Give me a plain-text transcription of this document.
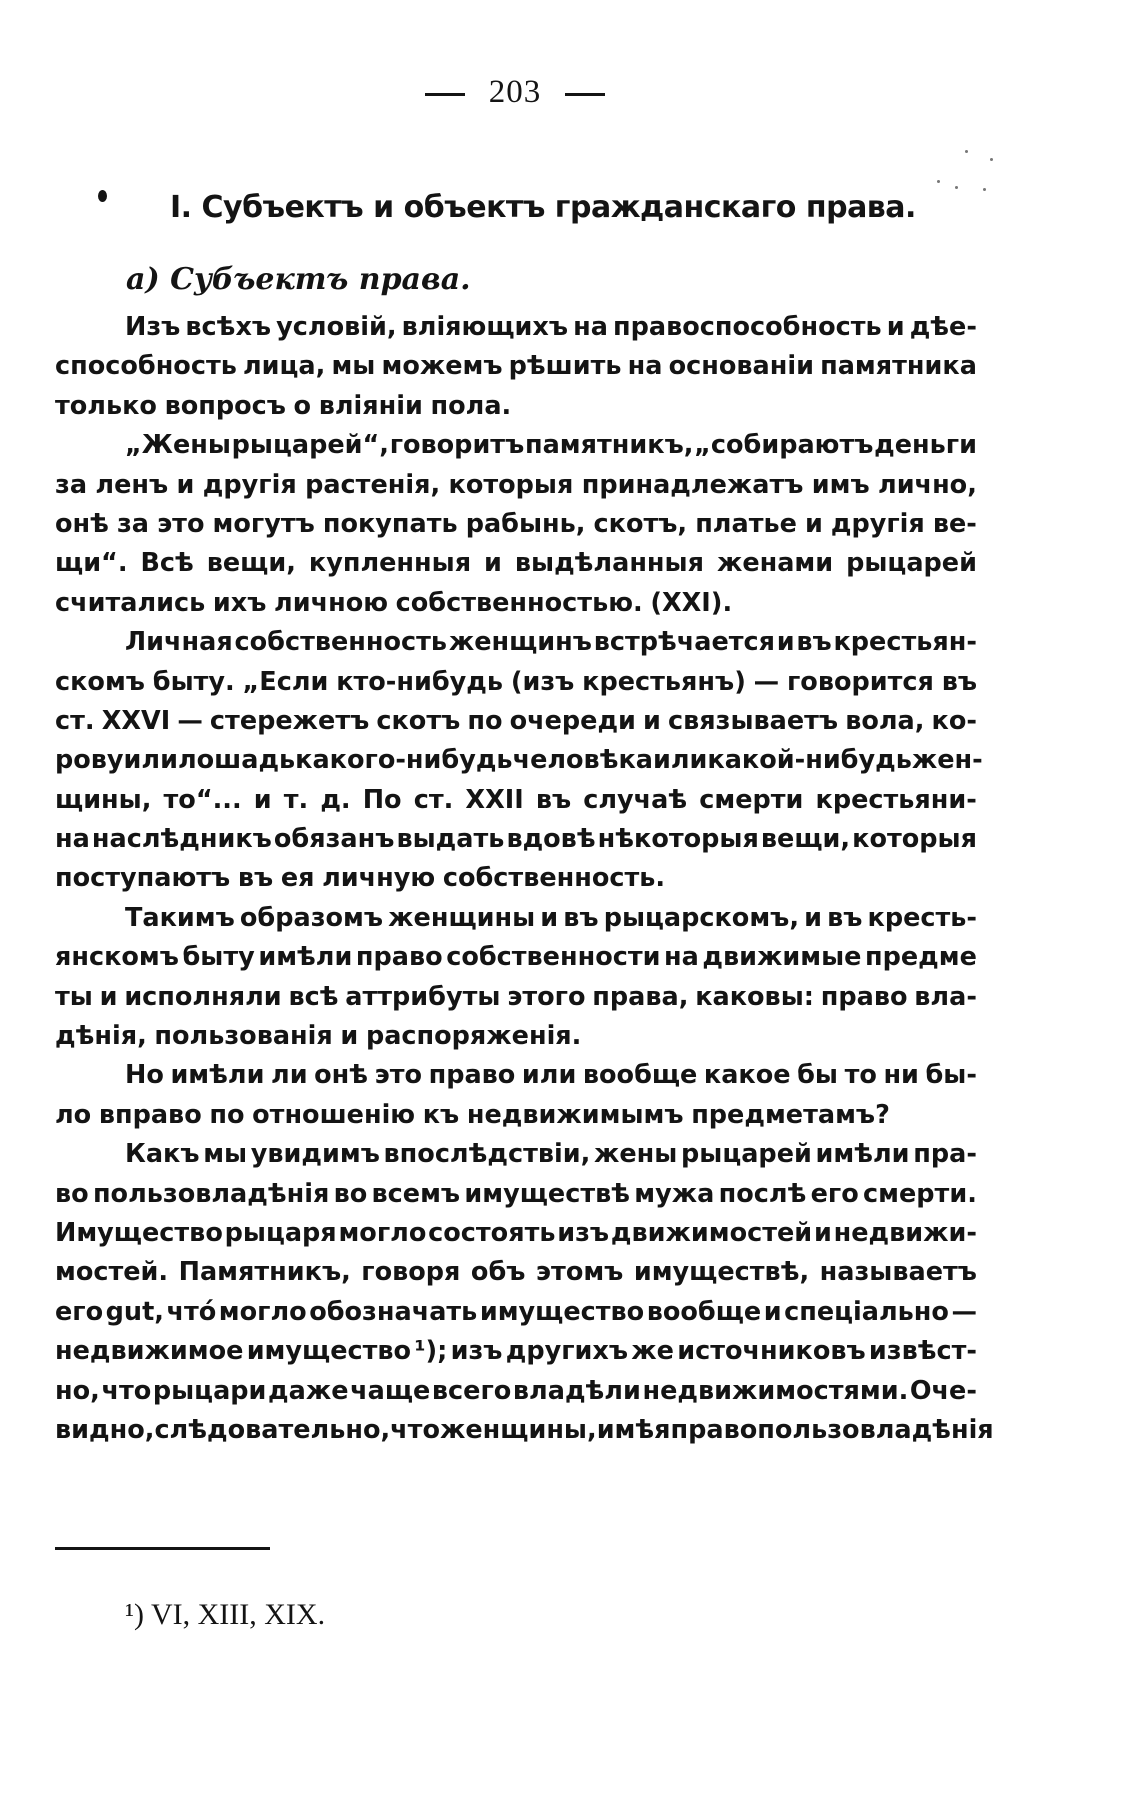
203
I. Субъектъ и объектъ гражданскаго права.
а) Субъектъ права.
Изъ всѣхъ условій, вліяющихъ на правоспособность и дѣе-
способность лица, мы можемъ рѣшить на основаніи памятника
только вопросъ о вліяніи пола.
„Жены рыцарей“, говоритъ памятникъ, „собираютъ деньги
за ленъ и другія растенія, которыя принадлежатъ имъ лично,
онѣ за это могутъ покупать рабынь, скотъ, платье и другія ве-
щи“. Всѣ вещи, купленныя и выдѣланныя женами рыцарей
считались ихъ личною собственностью. (XXI).
Личная собственность женщинъ встрѣчается и въ крестьян-
скомъ быту. „Если кто-нибудь (изъ крестьянъ) — говорится въ
ст. XXVI — стережетъ скотъ по очереди и связываетъ вола, ко-
рову или лошадь какого-нибудь человѣка или какой-нибудь жен-
щины, то“... и т. д. По ст. XXII въ случаѣ смерти крестьяни-
на наслѣдникъ обязанъ выдать вдовѣ нѣкоторыя вещи, которыя
поступаютъ въ ея личную собственность.
Такимъ образомъ женщины и въ рыцарскомъ, и въ кресть-
янскомъ быту имѣли право собственности на движимые предме
ты и исполняли всѣ аттрибуты этого права, каковы: право вла-
дѣнія, пользованія и распоряженія.
Но имѣли ли онѣ это право или вообще какое бы то ни бы-
ло вправо по отношенію къ недвижимымъ предметамъ?
Какъ мы увидимъ впослѣдствіи, жены рыцарей имѣли пра-
во пользовладѣнія во всемъ имуществѣ мужа послѣ его смерти.
Имущество рыцаря могло состоять изъ движимостей и недвижи-
мостей. Памятникъ, говоря объ этомъ имуществѣ, называетъ
его gut, чтó могло обозначать имущество вообще и спеціально —
недвижимое имущество ¹); изъ другихъ же источниковъ извѣст-
но, что рыцари даже чаще всего владѣли недвижимостями. Оче-
видно, слѣдовательно, что женщины, имѣя право пользовладѣнія
¹) VI, XIII, XIX.
